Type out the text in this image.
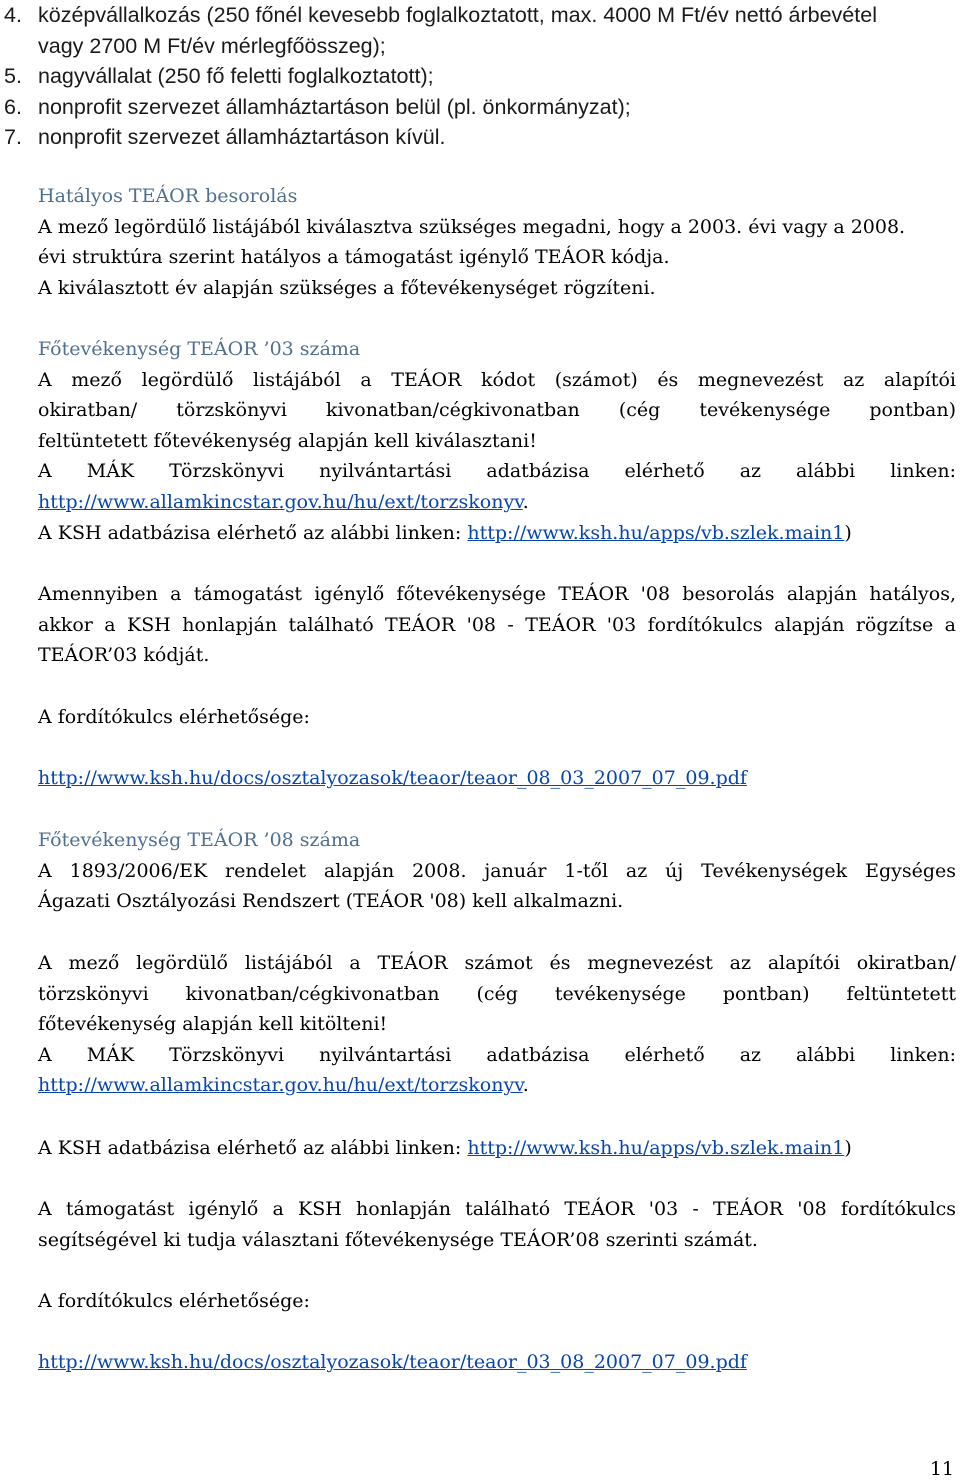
4. középvállalkozás (250 főnél kevesebb foglalkoztatott, max. 4000 M Ft/év nettó árbevétel
vagy 2700 M Ft/év mérlegfőösszeg);
5. nagyvállalat (250 fő feletti foglalkoztatott);
6. nonprofit szervezet államháztartáson belül (pl. önkormányzat);
7. nonprofit szervezet államháztartáson kívül.
Hatályos TEÁOR besorolás
A mező legördülő listájából kiválasztva szükséges megadni, hogy a 2003. évi vagy a 2008.
évi struktúra szerint hatályos a támogatást igénylő TEÁOR kódja.
A kiválasztott év alapján szükséges a főtevékenységet rögzíteni.
Főtevékenység TEÁOR ’03 száma
A mező legördülő listájából a TEÁOR kódot (számot) és megnevezést az alapítói
okiratban/ törzskönyvi kivonatban/cégkivonatban (cég tevékenysége pontban)
feltüntetett főtevékenység alapján kell kiválasztani!
A MÁK Törzskönyvi nyilvántartási adatbázisa elérhető az alábbi linken:
http://www.allamkincstar.gov.hu/hu/ext/torzskonyv.
A KSH adatbázisa elérhető az alábbi linken: http://www.ksh.hu/apps/vb.szlek.main1)
Amennyiben a támogatást igénylő főtevékenysége TEÁOR '08 besorolás alapján hatályos,
akkor a KSH honlapján található TEÁOR '08 - TEÁOR '03 fordítókulcs alapján rögzítse a
TEÁOR’03 kódját.
A fordítókulcs elérhetősége:
http://www.ksh.hu/docs/osztalyozasok/teaor/teaor_08_03_2007_07_09.pdf
Főtevékenység TEÁOR ’08 száma
A 1893/2006/EK rendelet alapján 2008. január 1-től az új Tevékenységek Egységes
Ágazati Osztályozási Rendszert (TEÁOR '08) kell alkalmazni.
A mező legördülő listájából a TEÁOR számot és megnevezést az alapítói okiratban/
törzskönyvi kivonatban/cégkivonatban (cég tevékenysége pontban) feltüntetett
főtevékenység alapján kell kitölteni!
A MÁK Törzskönyvi nyilvántartási adatbázisa elérhető az alábbi linken:
http://www.allamkincstar.gov.hu/hu/ext/torzskonyv.
A KSH adatbázisa elérhető az alábbi linken: http://www.ksh.hu/apps/vb.szlek.main1)
A támogatást igénylő a KSH honlapján található TEÁOR '03 - TEÁOR '08 fordítókulcs
segítségével ki tudja választani főtevékenysége TEÁOR’08 szerinti számát.
A fordítókulcs elérhetősége:
http://www.ksh.hu/docs/osztalyozasok/teaor/teaor_03_08_2007_07_09.pdf
11
